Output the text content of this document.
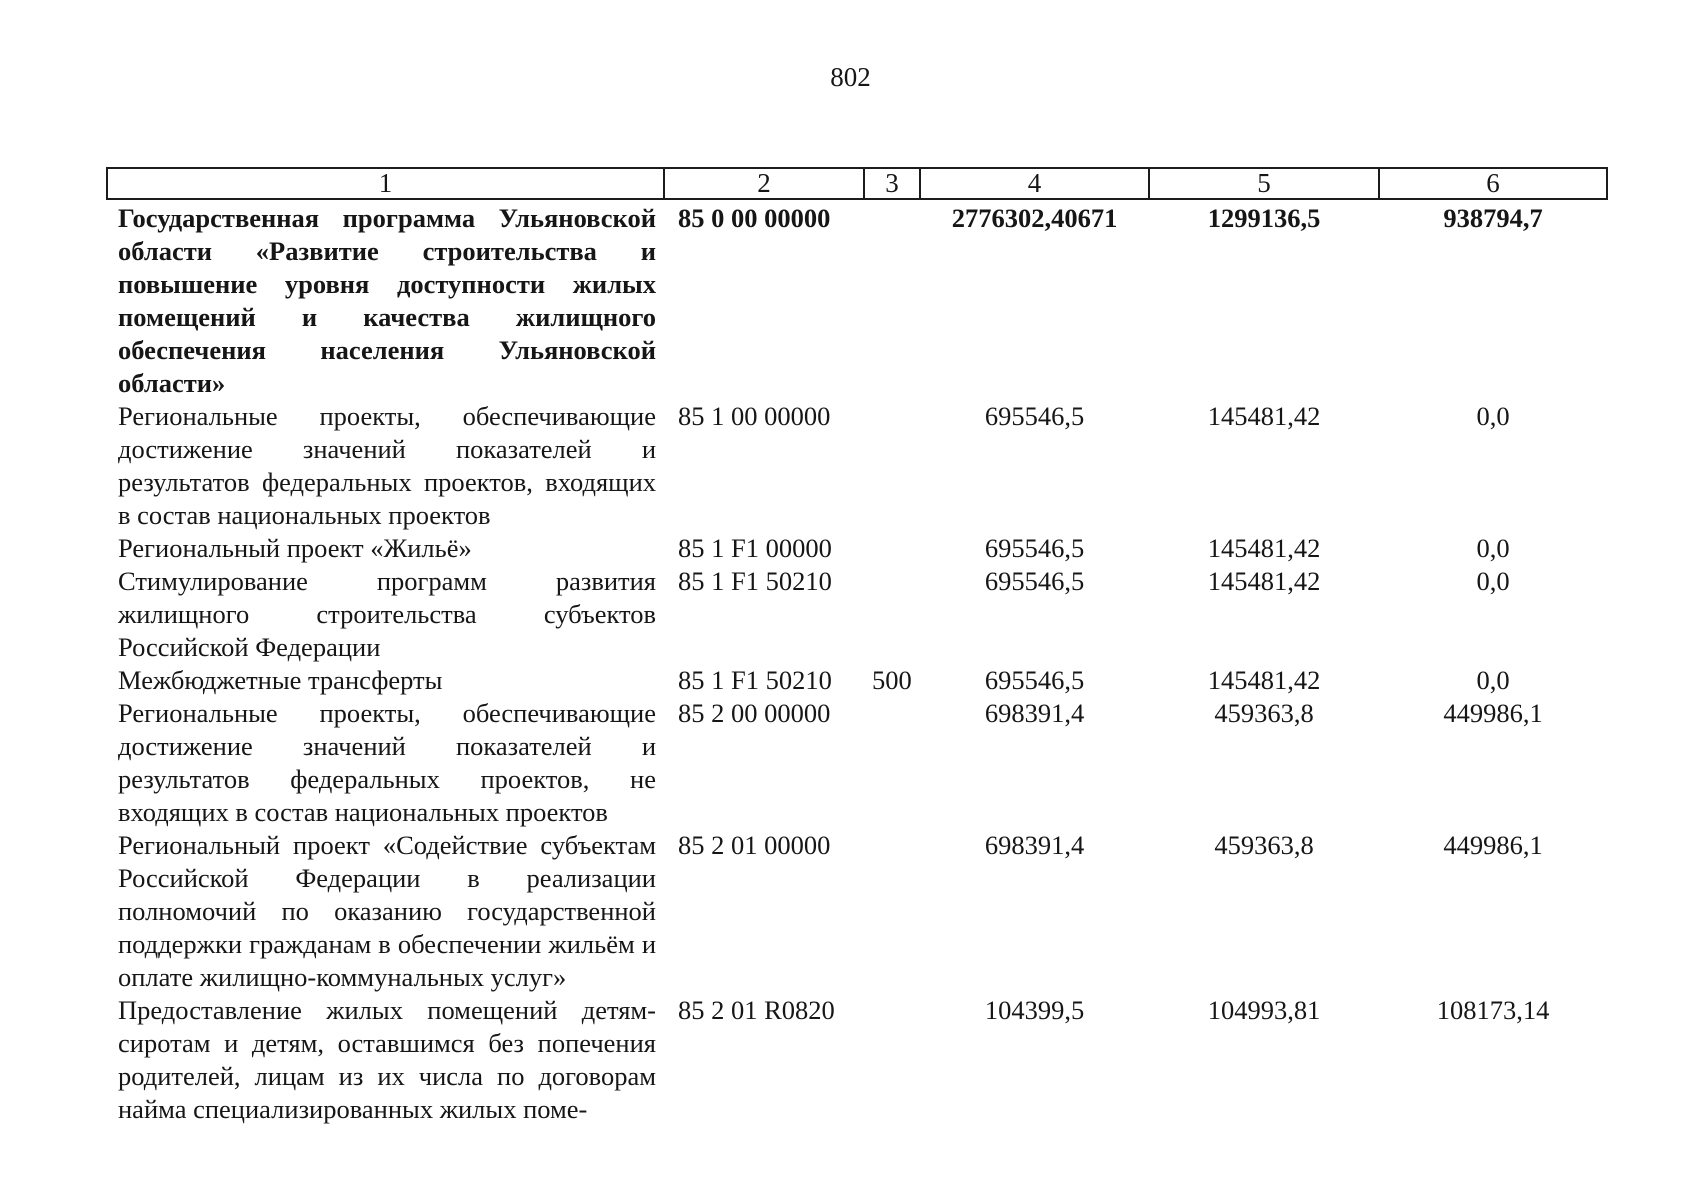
802
1	2	3	4	5	6
Государственная программа Ульяновской области «Развитие строительства и повышение уровня доступности жилых помещений и качества жилищного обеспечения населения Ульяновской области»	85 0 00 00000		2776302,40671	1299136,5	938794,7
Региональные проекты, обеспечивающие достижение значений показателей и результатов федеральных проектов, входящих в состав национальных проектов	85 1 00 00000		695546,5	145481,42	0,0
Региональный проект «Жильё»	85 1 F1 00000		695546,5	145481,42	0,0
Стимулирование программ развития жилищного строительства субъектов Российской Федерации	85 1 F1 50210		695546,5	145481,42	0,0
Межбюджетные трансферты	85 1 F1 50210	500	695546,5	145481,42	0,0
Региональные проекты, обеспечивающие достижение значений показателей и результатов федеральных проектов, не входящих в состав национальных проектов	85 2 00 00000		698391,4	459363,8	449986,1
Региональный проект «Содействие субъектам Российской Федерации в реализации полномочий по оказанию государственной поддержки гражданам в обеспечении жильём и оплате жилищно-коммунальных услуг»	85 2 01 00000		698391,4	459363,8	449986,1
Предоставление жилых помещений детям-сиротам и детям, оставшимся без попечения родителей, лицам из их числа по договорам найма специализированных жилых поме-	85 2 01 R0820		104399,5	104993,81	108173,14
